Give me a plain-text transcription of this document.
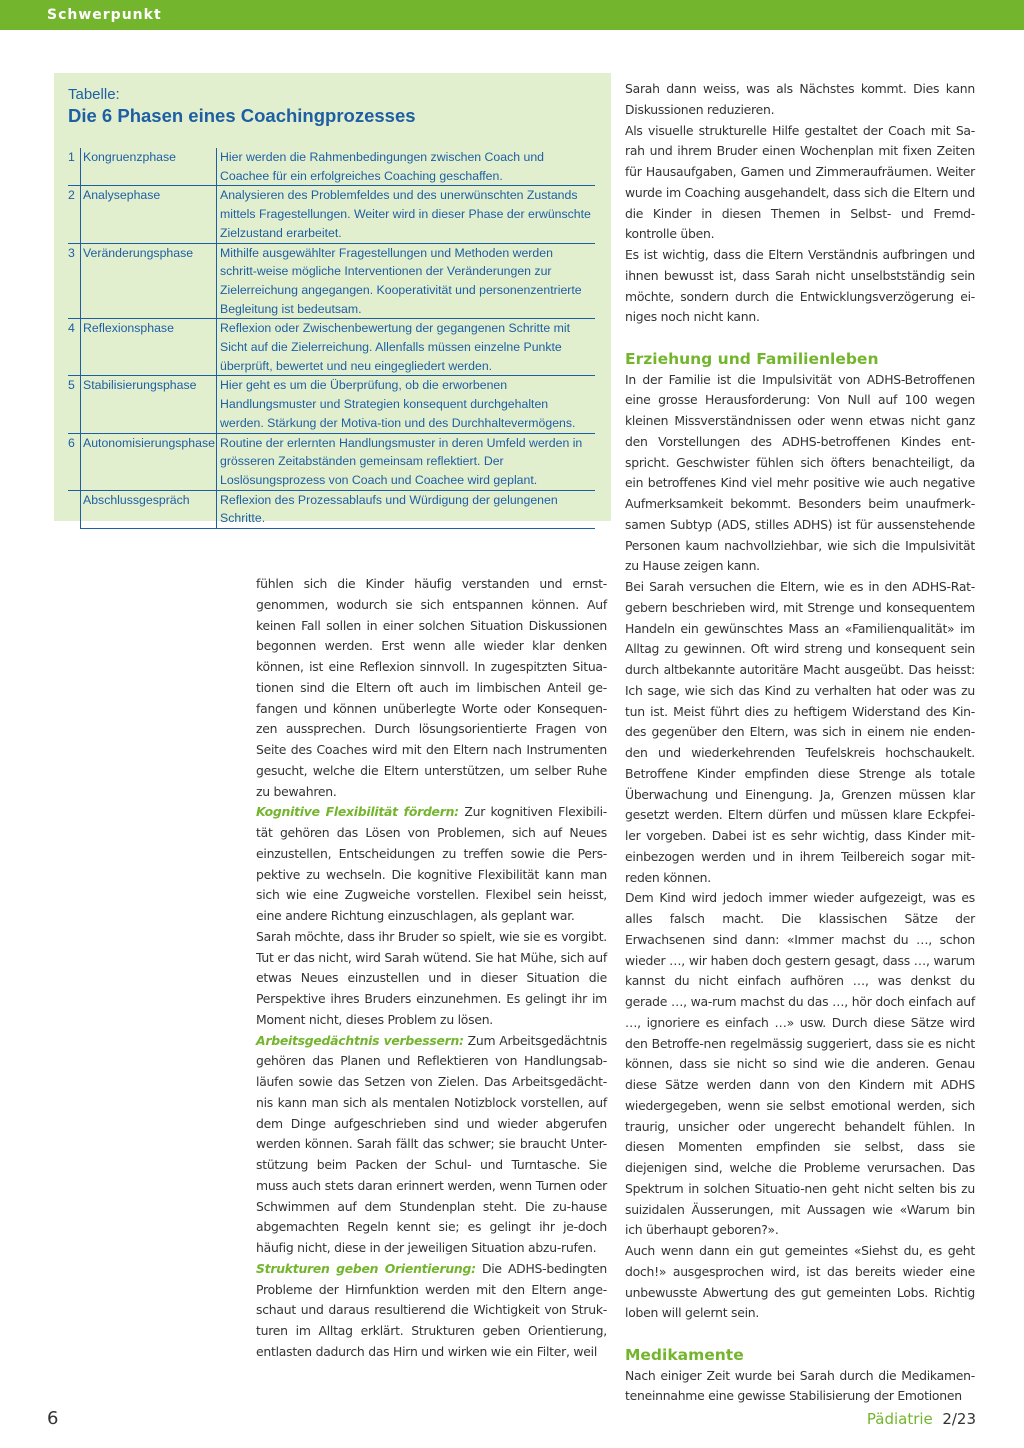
Schwerpunkt
Tabelle:
Die 6 Phasen eines Coachingprozesses
1	Kongruenzphase	Hier werden die Rahmenbedingungen zwischen Coach und Coachee für ein erfolgreiches Coaching geschaffen.
2	Analysephase	Analysieren des Problemfeldes und des unerwünschten Zustands mittels Fragestellungen. Weiter wird in dieser Phase der erwünschte Zielzustand erarbeitet.
3	Veränderungsphase	Mithilfe ausgewählter Fragestellungen und Methoden werden schritt-weise mögliche Interventionen der Veränderungen zur Zielerreichung angegangen. Kooperativität und personenzentrierte Begleitung ist bedeutsam.
4	Reflexionsphase	Reflexion oder Zwischenbewertung der gegangenen Schritte mit Sicht auf die Zielerreichung. Allenfalls müssen einzelne Punkte überprüft, bewertet und neu eingegliedert werden.
5	Stabilisierungsphase	Hier geht es um die Überprüfung, ob die erworbenen Handlungsmuster und Strategien konsequent durchgehalten werden. Stärkung der Motiva-tion und des Durchhaltevermögens.
6	Autonomisierungsphase	Routine der erlernten Handlungsmuster in deren Umfeld werden in grösseren Zeitabständen gemeinsam reflektiert. Der Loslösungsprozess von Coach und Coachee wird geplant.
	Abschlussgespräch	Reflexion des Prozessablaufs und Würdigung der gelungenen Schritte.

fühlen sich die Kinder häufig verstanden und ernst-genommen, wodurch sie sich entspannen können. Auf keinen Fall sollen in einer solchen Situation Diskussionen begonnen werden. Erst wenn alle wieder klar denken können, ist eine Reflexion sinnvoll. In zugespitzten Situa-tionen sind die Eltern oft auch im limbischen Anteil ge-fangen und können unüberlegte Worte oder Konsequen-zen aussprechen. Durch lösungsorientierte Fragen von Seite des Coaches wird mit den Eltern nach Instrumenten gesucht, welche die Eltern unterstützen, um selber Ruhe zu bewahren.

Kognitive Flexibilität fördern: Zur kognitiven Flexibili-tät gehören das Lösen von Problemen, sich auf Neues einzustellen, Entscheidungen zu treffen sowie die Pers-pektive zu wechseln. Die kognitive Flexibilität kann man sich wie eine Zugweiche vorstellen. Flexibel sein heisst, eine andere Richtung einzuschlagen, als geplant war.

Sarah möchte, dass ihr Bruder so spielt, wie sie es vorgibt. Tut er das nicht, wird Sarah wütend. Sie hat Mühe, sich auf etwas Neues einzustellen und in dieser Situation die Perspektive ihres Bruders einzunehmen. Es gelingt ihr im Moment nicht, dieses Problem zu lösen.

Arbeitsgedächtnis verbessern: Zum Arbeitsgedächtnis gehören das Planen und Reflektieren von Handlungsab-läufen sowie das Setzen von Zielen. Das Arbeitsgedächt-nis kann man sich als mentalen Notizblock vorstellen, auf dem Dinge aufgeschrieben sind und wieder abgerufen werden können. Sarah fällt das schwer; sie braucht Unter-stützung beim Packen der Schul- und Turntasche. Sie muss auch stets daran erinnert werden, wenn Turnen oder Schwimmen auf dem Stundenplan steht. Die zu-hause abgemachten Regeln kennt sie; es gelingt ihr je-doch häufig nicht, diese in der jeweiligen Situation abzu-rufen.

Strukturen geben Orientierung: Die ADHS-bedingten Probleme der Hirnfunktion werden mit den Eltern ange-schaut und daraus resultierend die Wichtigkeit von Struk-turen im Alltag erklärt. Strukturen geben Orientierung, entlasten dadurch das Hirn und wirken wie ein Filter, weil

Sarah dann weiss, was als Nächstes kommt. Dies kann Diskussionen reduzieren.

Als visuelle strukturelle Hilfe gestaltet der Coach mit Sa-rah und ihrem Bruder einen Wochenplan mit fixen Zeiten für Hausaufgaben, Gamen und Zimmeraufräumen. Weiter wurde im Coaching ausgehandelt, dass sich die Eltern und die Kinder in diesen Themen in Selbst- und Fremd-kontrolle üben.

Es ist wichtig, dass die Eltern Verständnis aufbringen und ihnen bewusst ist, dass Sarah nicht unselbstständig sein möchte, sondern durch die Entwicklungsverzögerung ei-niges noch nicht kann.

Erziehung und Familienleben

In der Familie ist die Impulsivität von ADHS-Betroffenen eine grosse Herausforderung: Von Null auf 100 wegen kleinen Missverständnissen oder wenn etwas nicht ganz den Vorstellungen des ADHS-betroffenen Kindes ent-spricht. Geschwister fühlen sich öfters benachteiligt, da ein betroffenes Kind viel mehr positive wie auch negative Aufmerksamkeit bekommt. Besonders beim unaufmerk-samen Subtyp (ADS, stilles ADHS) ist für aussenstehende Personen kaum nachvollziehbar, wie sich die Impulsivität zu Hause zeigen kann.

Bei Sarah versuchen die Eltern, wie es in den ADHS-Rat-gebern beschrieben wird, mit Strenge und konsequentem Handeln ein gewünschtes Mass an «Familienqualität» im Alltag zu gewinnen. Oft wird streng und konsequent sein durch altbekannte autoritäre Macht ausgeübt. Das heisst: Ich sage, wie sich das Kind zu verhalten hat oder was zu tun ist. Meist führt dies zu heftigem Widerstand des Kin-des gegenüber den Eltern, was sich in einem nie enden-den und wiederkehrenden Teufelskreis hochschaukelt. Betroffene Kinder empfinden diese Strenge als totale Überwachung und Einengung. Ja, Grenzen müssen klar gesetzt werden. Eltern dürfen und müssen klare Eckpfei-ler vorgeben. Dabei ist es sehr wichtig, dass Kinder mit-einbezogen werden und in ihrem Teilbereich sogar mit-reden können.

Dem Kind wird jedoch immer wieder aufgezeigt, was es alles falsch macht. Die klassischen Sätze der Erwachsenen sind dann: «Immer machst du …, schon wieder …, wir haben doch gestern gesagt, dass …, warum kannst du nicht einfach aufhören …, was denkst du gerade …, wa-rum machst du das …, hör doch einfach auf …, ignoriere es einfach …» usw. Durch diese Sätze wird den Betroffe-nen regelmässig suggeriert, dass sie es nicht können, dass sie nicht so sind wie die anderen. Genau diese Sätze werden dann von den Kindern mit ADHS wiedergegeben, wenn sie selbst emotional werden, sich traurig, unsicher oder ungerecht behandelt fühlen. In diesen Momenten empfinden sie selbst, dass sie diejenigen sind, welche die Probleme verursachen. Das Spektrum in solchen Situatio-nen geht nicht selten bis zu suizidalen Äusserungen, mit Aussagen wie «Warum bin ich überhaupt geboren?».

Auch wenn dann ein gut gemeintes «Siehst du, es geht doch!» ausgesprochen wird, ist das bereits wieder eine unbewusste Abwertung des gut gemeinten Lobs. Richtig loben will gelernt sein.

Medikamente

Nach einiger Zeit wurde bei Sarah durch die Medikamen-teneinnahme eine gewisse Stabilisierung der Emotionen

6	Pädiatrie 2/23
